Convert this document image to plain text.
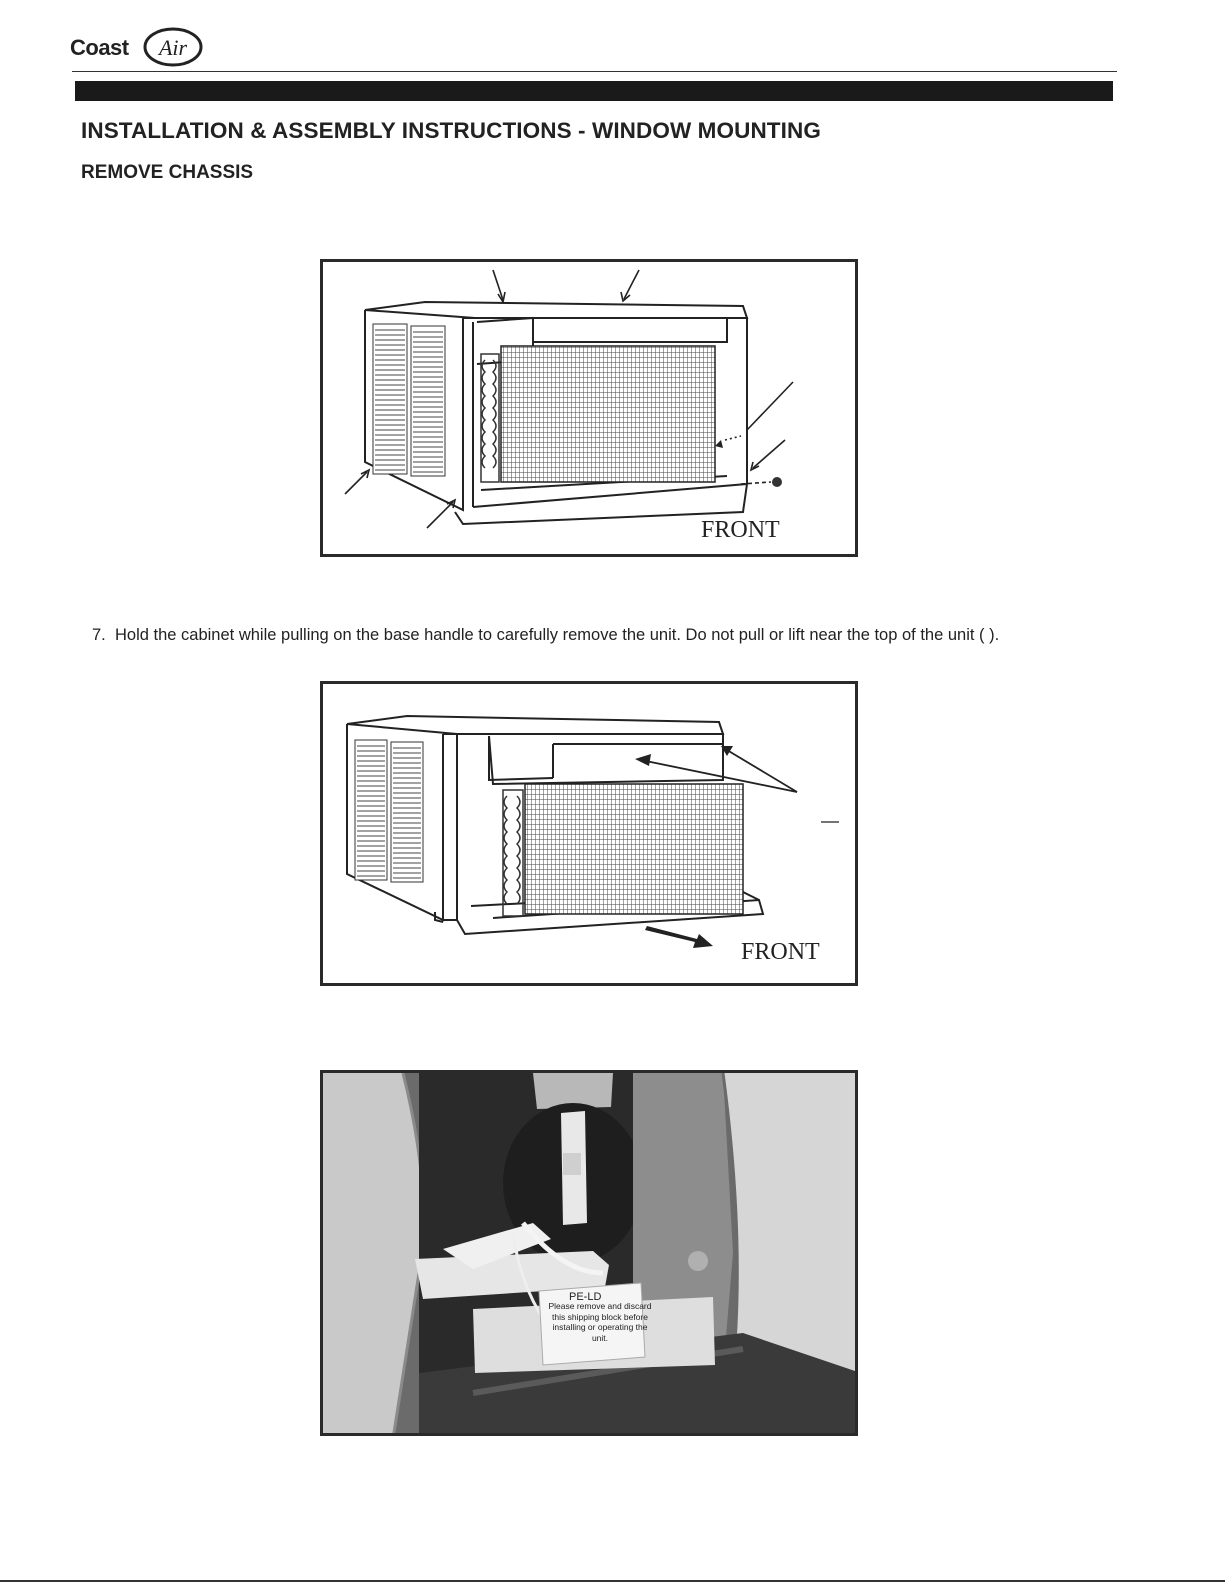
Coast Air
INSTALLATION & ASSEMBLY INSTRUCTIONS - WINDOW MOUNTING
REMOVE CHASSIS
FRONT
7. Hold the cabinet while pulling on the base handle to carefully remove the unit. Do not pull or lift near the top of the unit ( ).
FRONT
PE-LD
Please remove and discard this shipping block before installing or operating the unit.
